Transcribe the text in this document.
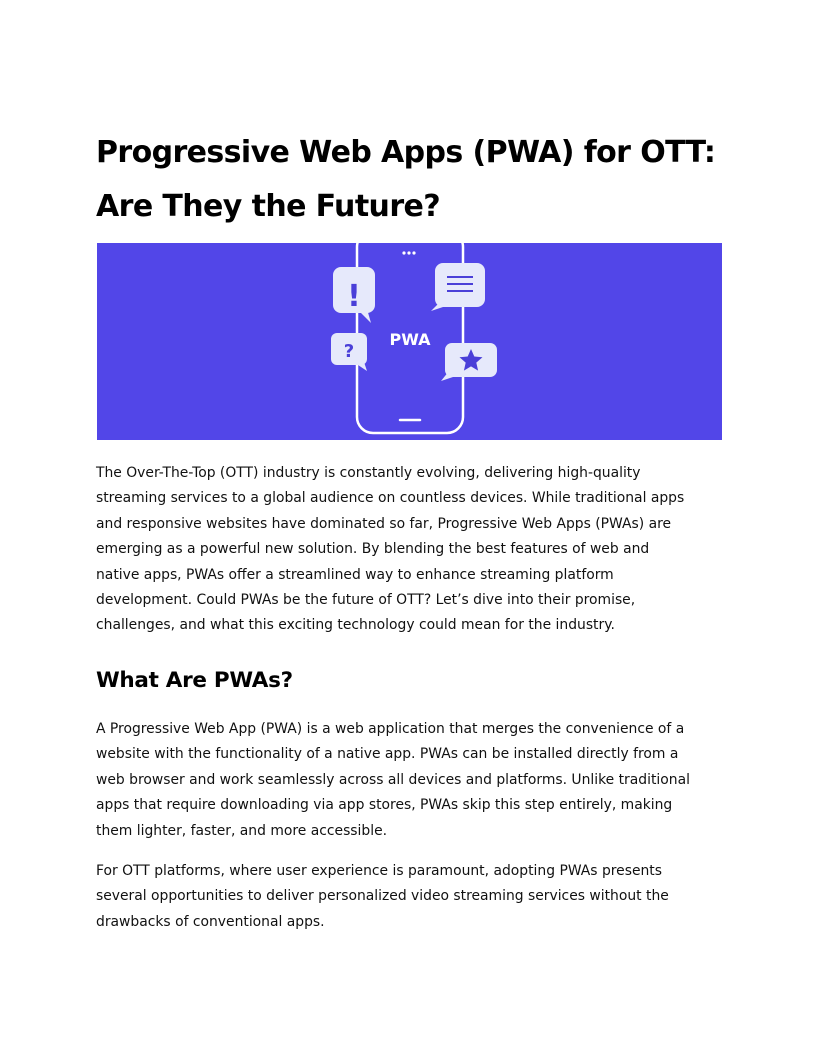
Progressive Web Apps (PWA) for OTT:
Are They the Future?
PWA
!
?

The Over-The-Top (OTT) industry is constantly evolving, delivering high-quality
streaming services to a global audience on countless devices. While traditional apps
and responsive websites have dominated so far, Progressive Web Apps (PWAs) are
emerging as a powerful new solution. By blending the best features of web and
native apps, PWAs offer a streamlined way to enhance streaming platform
development. Could PWAs be the future of OTT? Let’s dive into their promise,
challenges, and what this exciting technology could mean for the industry.

What Are PWAs?

A Progressive Web App (PWA) is a web application that merges the convenience of a
website with the functionality of a native app. PWAs can be installed directly from a
web browser and work seamlessly across all devices and platforms. Unlike traditional
apps that require downloading via app stores, PWAs skip this step entirely, making
them lighter, faster, and more accessible.

For OTT platforms, where user experience is paramount, adopting PWAs presents
several opportunities to deliver personalized video streaming services without the
drawbacks of conventional apps.
